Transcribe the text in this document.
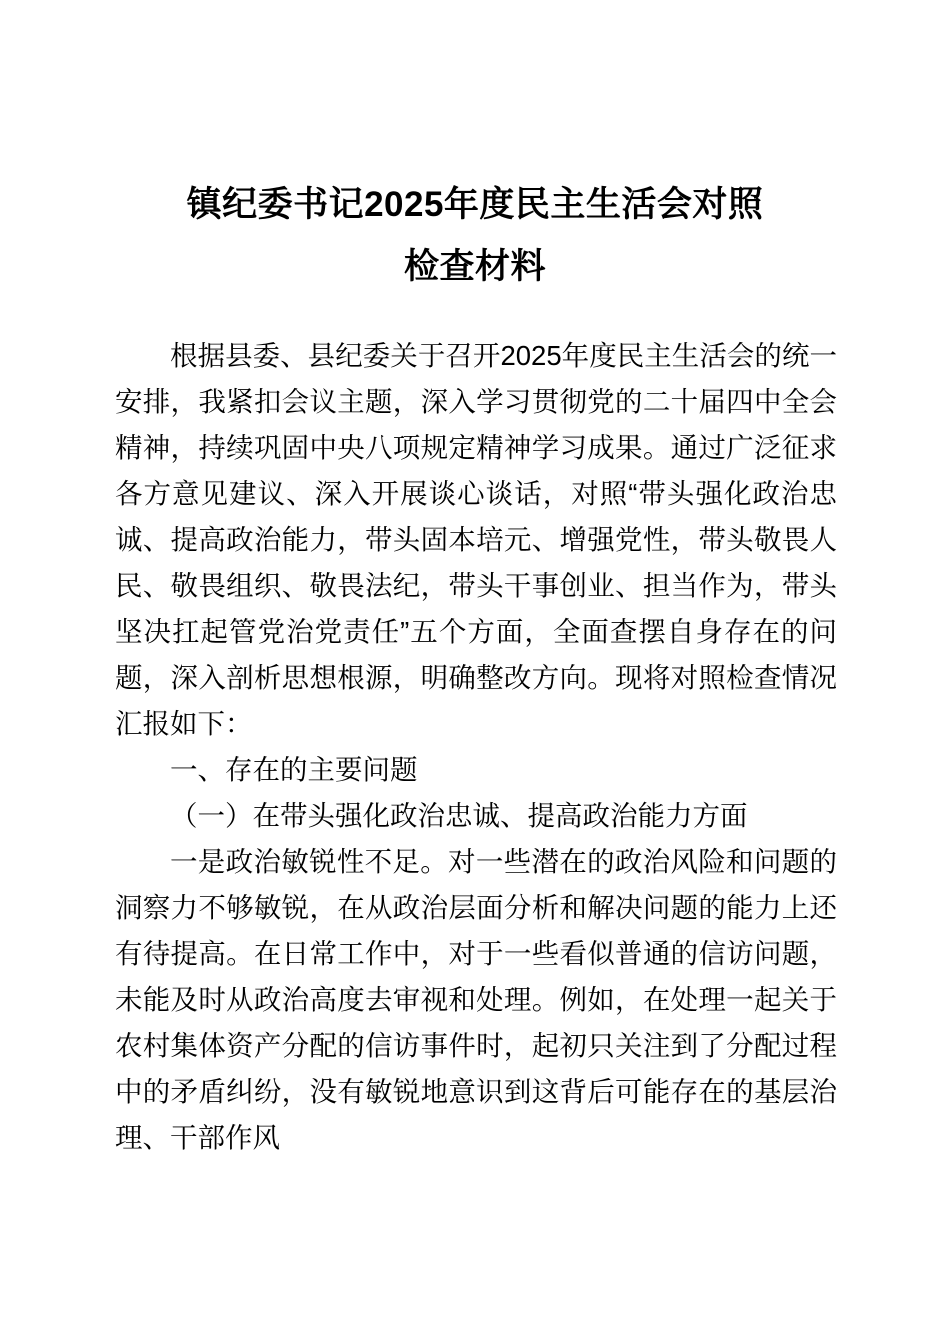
镇纪委书记2025年度民主生活会对照
检查材料

根据县委、县纪委关于召开2025年度民主生活会的统一安排，我紧扣会议主题，深入学习贯彻党的二十届四中全会精神，持续巩固中央八项规定精神学习成果。通过广泛征求各方意见建议、深入开展谈心谈话，对照“带头强化政治忠诚、提高政治能力，带头固本培元、增强党性，带头敬畏人民、敬畏组织、敬畏法纪，带头干事创业、担当作为，带头坚决扛起管党治党责任”五个方面，全面查摆自身存在的问题，深入剖析思想根源，明确整改方向。现将对照检查情况汇报如下：

一、存在的主要问题

（一）在带头强化政治忠诚、提高政治能力方面

一是政治敏锐性不足。对一些潜在的政治风险和问题的洞察力不够敏锐，在从政治层面分析和解决问题的能力上还有待提高。在日常工作中，对于一些看似普通的信访问题，未能及时从政治高度去审视和处理。例如，在处理一起关于农村集体资产分配的信访事件时，起初只关注到了分配过程中的矛盾纠纷，没有敏锐地意识到这背后可能存在的基层治理、干部作风
